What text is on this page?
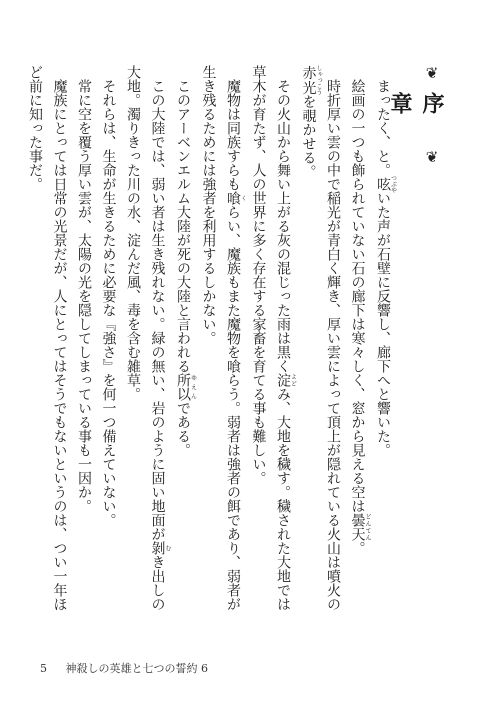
❦
序章
❦

まったく、と。呟つぶやいた声が石壁に反響し、廊下へと響いた。

絵画の一つも飾られていない石の廊下は寒々しく、窓から見える空は曇天どんてん。

時折厚い雲の中で稲光が青白く輝き、厚い雲によって頂上が隠れている火山は噴火の赤光しゃっこうを覗かせる。

その火山から舞い上がる灰の混じった雨は黒く淀よどみ、大地を穢す。穢された大地では草木が育たず、人の世界に多く存在する家畜を育てる事も難しい。

魔物は同族すらも喰くらい、魔族もまた魔物を喰らう。弱者は強者の餌であり、弱者が生き残るためには強者を利用するしかない。

このアーベンエルム大陸が死の大陸と言われる所以ゆえんである。

この大陸では、弱い者は生き残れない。緑の無い、岩のように固い地面が剝むき出しの大地。濁りきった川の水、淀んだ風、毒を含む雑草。

それらは、生命が生きるために必要な『強さ』を何一つ備えていない。

常に空を覆う厚い雲が、太陽の光を隠してしまっている事も一因か。

魔族にとっては日常の光景だが、人にとってはそうでもないというのは、つい一年ほど前に知った事だ。

5 神殺しの英雄と七つの誓約 6
